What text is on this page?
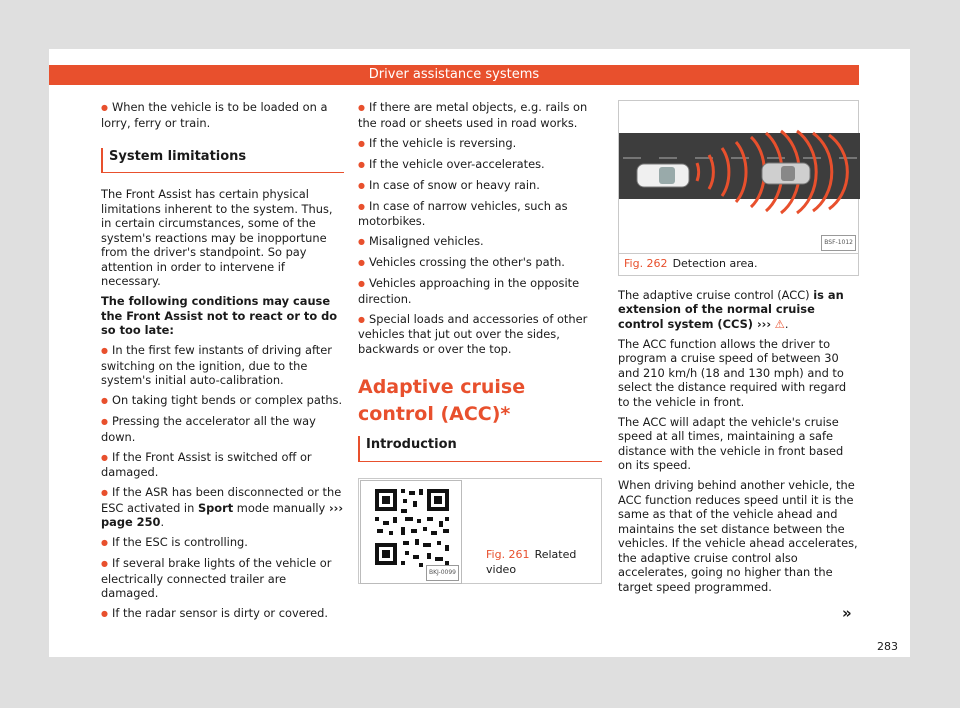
Driver assistance systems

● When the vehicle is to be loaded on a lorry, ferry or train.

System limitations

The Front Assist has certain physical limitations inherent to the system. Thus, in certain circumstances, some of the system's reactions may be inopportune from the driver's standpoint. So pay attention in order to intervene if necessary.

The following conditions may cause the Front Assist not to react or to do so too late:

● In the first few instants of driving after switching on the ignition, due to the system's initial auto-calibration.

● On taking tight bends or complex paths.

● Pressing the accelerator all the way down.

● If the Front Assist is switched off or damaged.

● If the ASR has been disconnected or the ESC activated in Sport mode manually ››› page 250.

● If the ESC is controlling.

● If several brake lights of the vehicle or electrically connected trailer are damaged.

● If the radar sensor is dirty or covered.

● If there are metal objects, e.g. rails on the road or sheets used in road works.

● If the vehicle is reversing.

● If the vehicle over-accelerates.

● In case of snow or heavy rain.

● In case of narrow vehicles, such as motorbikes.

● Misaligned vehicles.

● Vehicles crossing the other's path.

● Vehicles approaching in the opposite direction.

● Special loads and accessories of other vehicles that jut out over the sides, backwards or over the top.

Adaptive cruise control (ACC)*
Introduction
BKJ-0099
Fig. 261 Related video
BSF-1012
Fig. 262 Detection area.

The adaptive cruise control (ACC) is an extension of the normal cruise control system (CCS) ››› ⚠.

The ACC function allows the driver to program a cruise speed of between 30 and 210 km/h (18 and 130 mph) and to select the distance required with regard to the vehicle in front.

The ACC will adapt the vehicle's cruise speed at all times, maintaining a safe distance with the vehicle in front based on its speed.

When driving behind another vehicle, the ACC function reduces speed until it is the same as that of the vehicle ahead and maintains the set distance between the vehicles. If the vehicle ahead accelerates, the adaptive cruise control also accelerates, going no higher than the target speed programmed.

»
283
